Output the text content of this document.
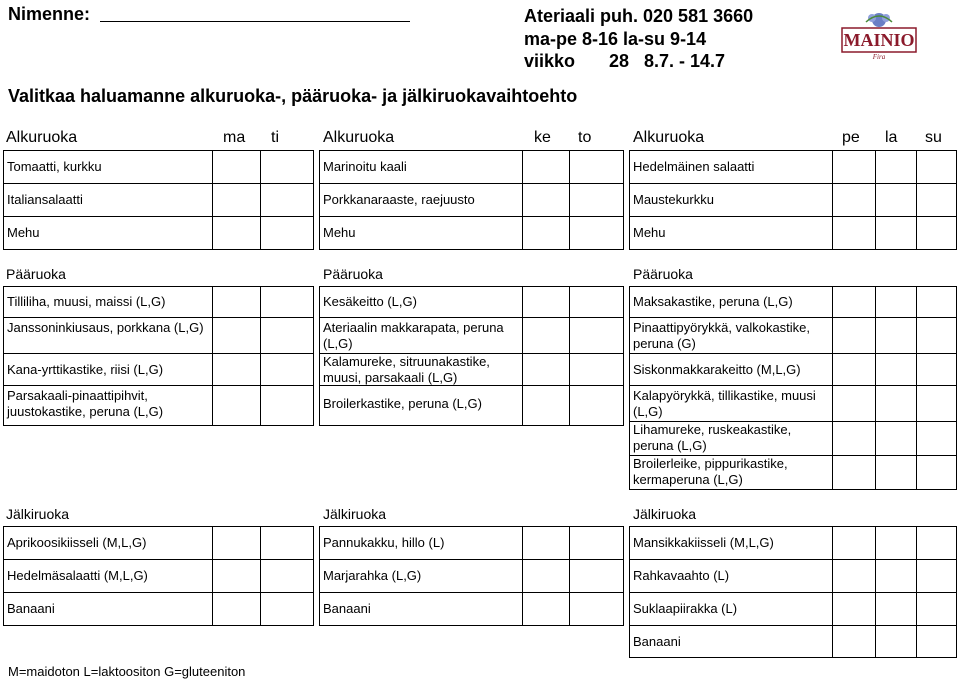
Nimenne:	Ateriaali puh. 020 581 3660
ma-pe 8-16 la-su 9-14
viikko 28 8.7. - 14.7
MAINIO
Fira
Valitkaa haluamanne alkuruoka-, pääruoka- ja jälkiruokavaihtoehto
Alkuruoka	ma ti
Tomaatti, kurkku
Italiansalaatti
Mehu
Pääruoka
Tilliliha, muusi, maissi (L,G)
Janssoninkiusaus, porkkana (L,G)
Kana-yrttikastike, riisi (L,G)
Parsakaali-pinaattipihvit, juustokastike, peruna (L,G)
Jälkiruoka
Aprikoosikiisseli (M,L,G)
Hedelmäsalaatti (M,L,G)
Banaani
Alkuruoka	ke to
Marinoitu kaali
Porkkanaraaste, raejuusto
Mehu
Pääruoka
Kesäkeitto (L,G)
Ateriaalin makkarapata, peruna (L,G)
Kalamureke, sitruunakastike, muusi, parsakaali (L,G)
Broilerkastike, peruna (L,G)
Jälkiruoka
Pannukakku, hillo (L)
Marjarahka (L,G)
Banaani
Alkuruoka	pe la su
Hedelmäinen salaatti
Maustekurkku
Mehu
Pääruoka
Maksakastike, peruna (L,G)
Pinaattipyörykkä, valkokastike, peruna (G)
Siskonmakkarakeitto (M,L,G)
Kalapyörykkä, tillikastike, muusi (L,G)
Lihamureke, ruskeakastike, peruna (L,G)
Broilerleike, pippurikastike, kermaperuna (L,G)
Jälkiruoka
Mansikkakiisseli (M,L,G)
Rahkavaahto (L)
Suklaapiirakka (L)
Banaani
M=maidoton L=laktoositon G=gluteeniton
